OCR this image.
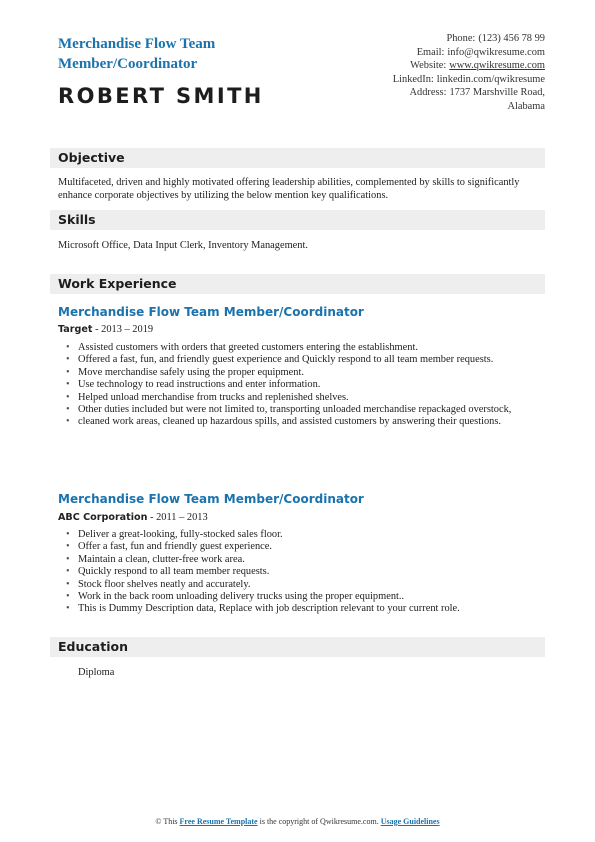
Merchandise Flow Team Member/Coordinator
ROBERT SMITH
Phone: (123) 456 78 99
Email: info@qwikresume.com
Website: www.qwikresume.com
LinkedIn: linkedin.com/qwikresume
Address: 1737 Marshville Road,
Alabama
Objective
Multifaceted, driven and highly motivated offering leadership abilities, complemented by skills to significantly enhance corporate objectives by utilizing the below mention key qualifications.
Skills
Microsoft Office, Data Input Clerk, Inventory Management.
Work Experience
Merchandise Flow Team Member/Coordinator
Target - 2013 – 2019
• Assisted customers with orders that greeted customers entering the establishment.
• Offered a fast, fun, and friendly guest experience and Quickly respond to all team member requests.
• Move merchandise safely using the proper equipment.
• Use technology to read instructions and enter information.
• Helped unload merchandise from trucks and replenished shelves.
• Other duties included but were not limited to, transporting unloaded merchandise repackaged overstock,
• cleaned work areas, cleaned up hazardous spills, and assisted customers by answering their questions.
Merchandise Flow Team Member/Coordinator
ABC Corporation - 2011 – 2013
• Deliver a great-looking, fully-stocked sales floor.
• Offer a fast, fun and friendly guest experience.
• Maintain a clean, clutter-free work area.
• Quickly respond to all team member requests.
• Stock floor shelves neatly and accurately.
• Work in the back room unloading delivery trucks using the proper equipment..
• This is Dummy Description data, Replace with job description relevant to your current role.
Education
Diploma
© This Free Resume Template is the copyright of Qwikresume.com. Usage Guidelines
